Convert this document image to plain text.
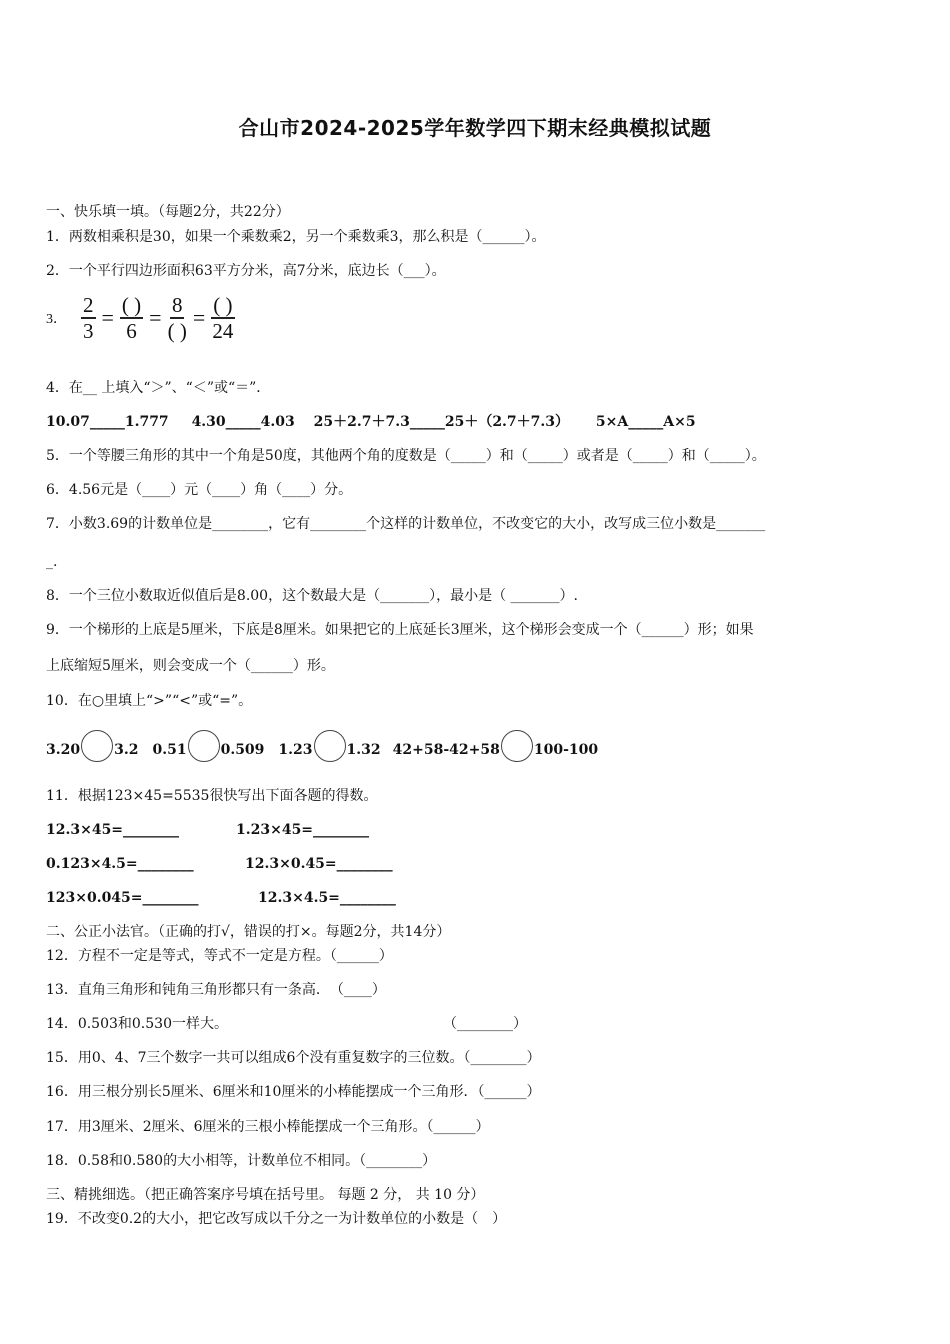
合山市2024-2025学年数学四下期末经典模拟试题
一、快乐填一填。（每题2分，共22分）
1．两数相乘积是30，如果一个乘数乘2，另一个乘数乘3，那么积是（______）。
2．一个平行四边形面积63平方分米，高7分米，底边长（___）。
3． $\frac{2}{3} = \frac{( )}{6} = \frac{8}{( )} = \frac{( )}{24}$
4．在__ 上填入“＞”、“＜”或“＝”．
10.07_____1.777 4.30_____4.03 25＋2.7＋7.3_____25＋（2.7＋7.3） 5×A_____A×5
5．一个等腰三角形的其中一个角是50度，其他两个角的度数是（_____）和（_____）或者是（_____）和（_____）。
6．4.56元是（____）元（____）角（____）分。
7．小数3.69的计数单位是________，它有________个这样的计数单位，不改变它的大小，改写成三位小数是_______
_.
8．一个三位小数取近似值后是8.00，这个数最大是（_______），最小是（ _______）.
9．一个梯形的上底是5厘米，下底是8厘米。如果把它的上底延长3厘米，这个梯形会变成一个（______）形；如果
上底缩短5厘米，则会变成一个（______）形。
10．在○里填上“>”“<”或“=”。
3.20 3.2 0.51 0.509 1.23 1.32 42+58-42+58 100-100
11．根据123×45=5535很快写出下面各题的得数。
12.3×45=________	1.23×45=________
0.123×4.5=________	12.3×0.45=________
123×0.045=________	12.3×4.5=________
二、公正小法官。（正确的打√，错误的打×。每题2分，共14分）
12．方程不一定是等式，等式不一定是方程。（______）
13．直角三角形和钝角三角形都只有一条高．　（____）
14．0.503和0.530一样大。	（________）
15．用0、4、7三个数字一共可以组成6个没有重复数字的三位数。（________）
16．用三根分别长5厘米、6厘米和10厘米的小棒能摆成一个三角形．（______）
17．用3厘米、2厘米、6厘米的三根小棒能摆成一个三角形。（______）
18．0.58和0.580的大小相等，计数单位不相同。（________）
三、精挑细选。（把正确答案序号填在括号里。 每题 2 分， 共 10 分）
19．不改变0.2的大小，把它改写成以千分之一为计数单位的小数是（　）
